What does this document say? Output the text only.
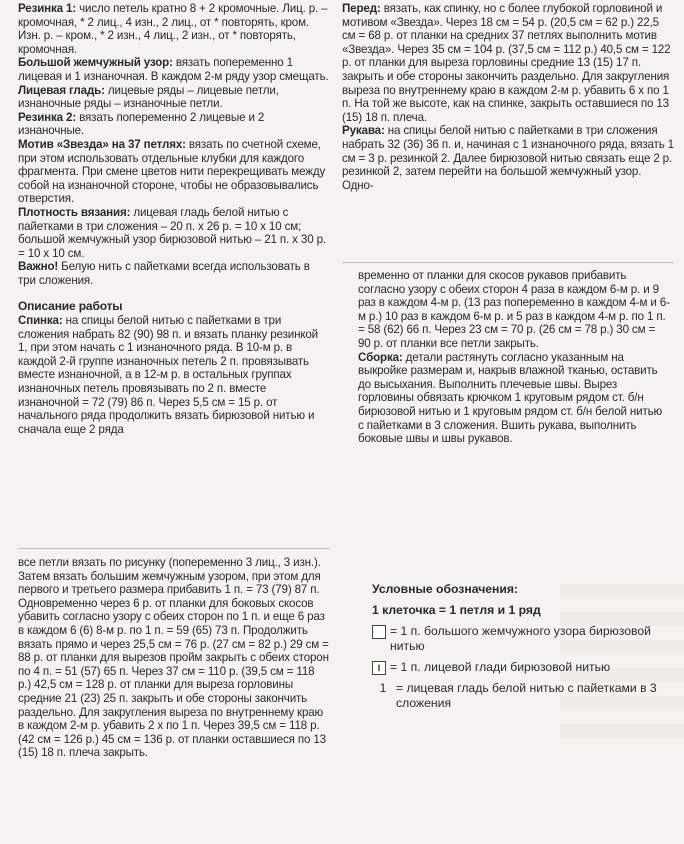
Резинка 1: число петель кратно 8 + 2 кромочные. Лиц. р. – кромочная, * 2 лиц., 4 изн., 2 лиц., от * повторять, кром. Изн. р. – кром., * 2 изн., 4 лиц., 2 изн., от * повторять, кромочная.

Большой жемчужный узор: вязать попеременно 1 лицевая и 1 изнаночная. В каждом 2-м ряду узор смещать.

Лицевая гладь: лицевые ряды – лицевые петли, изнаночные ряды – изнаночные петли.

Резинка 2: вязать попеременно 2 лицевые и 2 изнаночные.

Мотив «Звезда» на 37 петлях: вязать по счетной схеме, при этом использовать отдельные клубки для каждого фрагмента. При смене цветов нити перекрещивать между собой на изнаночной стороне, чтобы не образовывались отверстия.

Плотность вязания: лицевая гладь белой нитью с пайетками в три сложения – 20 п. х 26 р. = 10 х 10 см; большой жемчужный узор бирюзовой нитью – 21 п. х 30 р. = 10 х 10 см.

Важно! Белую нить с пайетками всегда использовать в три сложения.

Описание работы

Спинка: на спицы белой нитью с пайетками в три сложения набрать 82 (90) 98 п. и вязать планку резинкой 1, при этом начать с 1 изнаночного ряда. В 10-м р. в каждой 2-й группе изнаночных петель 2 п. провязывать вместе изнаночной, а в 12-м р. в остальных группах изнаночных петель провязывать по 2 п. вместе изнаночной = 72 (79) 86 п. Через 5,5 см = 15 р. от начального ряда продолжить вязать бирюзовой нитью и сначала еще 2 ряда

все петли вязать по рисунку (попеременно 3 лиц., 3 изн.). Затем вязать большим жемчужным узором, при этом для первого и третьего размера прибавить 1 п. = 73 (79) 87 п. Одновременно через 6 р. от планки для боковых скосов убавить согласно узору с обеих сторон по 1 п. и еще 6 раз в каждом 6 (6) 8-м р. по 1 п. = 59 (65) 73 п. Продолжить вязать прямо и через 25,5 см = 76 р. (27 см = 82 р.) 29 см = 88 р. от планки для вырезов пройм закрыть с обеих сторон по 4 п. = 51 (57) 65 п. Через 37 см = 110 р. (39,5 см = 118 р.) 42,5 см = 128 р. от планки для выреза горловины средние 21 (23) 25 п. закрыть и обе стороны закончить раздельно. Для закругления выреза по внутреннему краю в каждом 2-м р. убавить 2 х по 1 п. Через 39,5 см = 118 р. (42 см = 126 р.) 45 см = 136 р. от планки оставшиеся по 13 (15) 18 п. плеча закрыть.

Перед: вязать, как спинку, но с более глубокой горловиной и мотивом «Звезда». Через 18 см = 54 р. (20,5 см = 62 р.) 22,5 см = 68 р. от планки на средних 37 петлях выполнить мотив «Звезда». Через 35 см = 104 р. (37,5 см = 112 р.) 40,5 см = 122 р. от планки для выреза горловины средние 13 (15) 17 п. закрыть и обе стороны закончить раздельно. Для закругления выреза по внутреннему краю в каждом 2-м р. убавить 6 х по 1 п. На той же высоте, как на спинке, закрыть оставшиеся по 13 (15) 18 п. плеча.

Рукава: на спицы белой нитью с пайетками в три сложения набрать 32 (36) 36 п. и, начиная с 1 изнаночного ряда, вязать 1 см = 3 р. резинкой 2. Далее бирюзовой нитью связать еще 2 р. резинкой 2, затем перейти на большой жемчужный узор. Одно-

временно от планки для скосов рукавов прибавить согласно узору с обеих сторон 4 раза в каждом 6-м р. и 9 раз в каждом 4-м р. (13 раз попеременно в каждом 4-м и 6-м р.) 10 раз в каждом 6-м р. и 5 раз в каждом 4-м р. по 1 п. = 58 (62) 66 п. Через 23 см = 70 р. (26 см = 78 р.) 30 см = 90 р. от планки все петли закрыть.

Сборка: детали растянуть согласно указанным на выкройке размерам и, накрыв влажной тканью, оставить до высыхания. Выполнить плечевые швы. Вырез горловины обвязать крючком 1 круговым рядом ст. б/н бирюзовой нитью и 1 круговым рядом ст. б/н белой нитью с пайетками в 3 сложения. Вшить рукава, выполнить боковые швы и швы рукавов.

Условные обозначения:
1 клеточка = 1 петля и 1 ряд
= 1 п. большого жемчужного узора бирюзовой нитью
I = 1 п. лицевой глади бирюзовой нитью
1 = лицевая гладь белой нитью с пайетками в 3 сложения
